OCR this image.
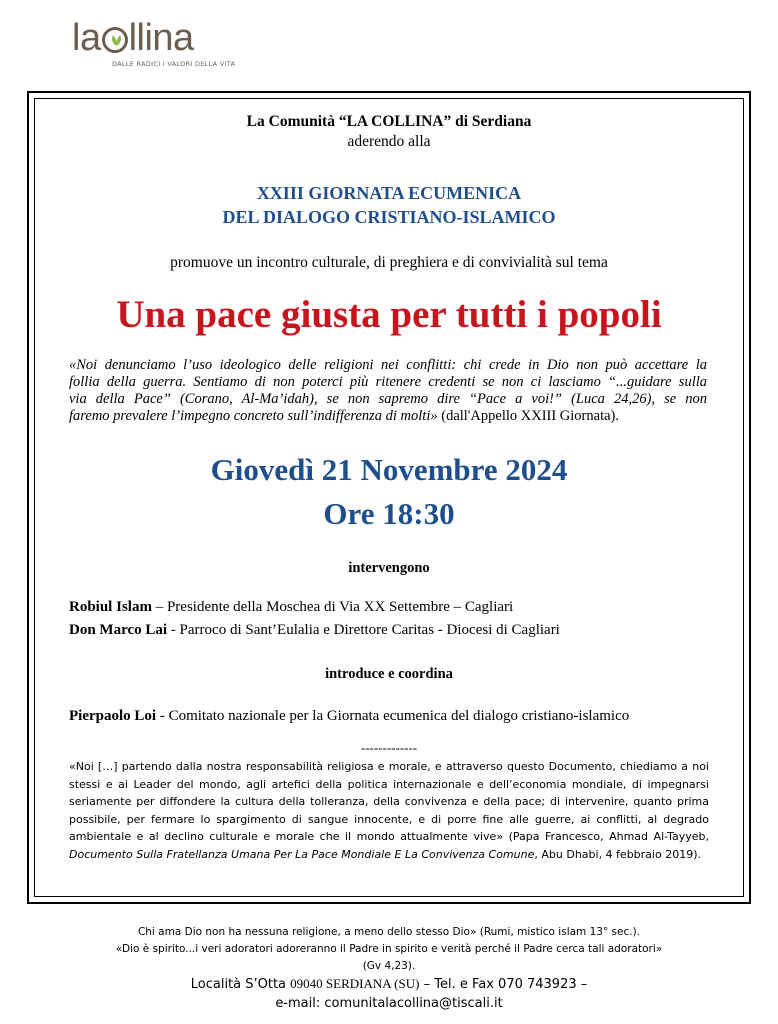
la llina
DALLE RADICI I VALORI DELLA VITA
La Comunità “LA COLLINA” di Serdiana
aderendo alla
XXIII GIORNATA ECUMENICA
DEL DIALOGO CRISTIANO-ISLAMICO
promuove un incontro culturale, di preghiera e di convivialità sul tema
Una pace giusta per tutti i popoli
«Noi denunciamo l’uso ideologico delle religioni nei conflitti: chi crede in Dio non può accettare la
follia della guerra. Sentiamo di non poterci più ritenere credenti se non ci lasciamo “...guidare sulla
via della Pace” (Corano, Al-Ma’idah), se non sapremo dire “Pace a voi!” (Luca 24,26), se non
faremo prevalere l’impegno concreto sull’indifferenza di molti» (dall'Appello XXIII Giornata).
Giovedì 21 Novembre 2024
Ore 18:30
intervengono
Robiul Islam – Presidente della Moschea di Via XX Settembre – Cagliari
Don Marco Lai - Parroco di Sant’Eulalia e Direttore Caritas - Diocesi di Cagliari
introduce e coordina
Pierpaolo Loi - Comitato nazionale per la Giornata ecumenica del dialogo cristiano-islamico
-------------
«Noi […] partendo dalla nostra responsabilità religiosa e morale, e attraverso questo Documento, chiediamo a noi
stessi e ai Leader del mondo, agli artefici della politica internazionale e dell’economia mondiale, di impegnarsi
seriamente per diffondere la cultura della tolleranza, della convivenza e della pace; di intervenire, quanto prima
possibile, per fermare lo spargimento di sangue innocente, e di porre fine alle guerre, ai conflitti, al degrado
ambientale e al declino culturale e morale che il mondo attualmente vive» (Papa Francesco, Ahmad Al-Tayyeb,
Documento Sulla Fratellanza Umana Per La Pace Mondiale E La Convivenza Comune, Abu Dhabi, 4 febbraio 2019).
Chi ama Dio non ha nessuna religione, a meno dello stesso Dio» (Rumi, mistico islam 13° sec.).
«Dio è spirito...i veri adoratori adoreranno il Padre in spirito e verità perché il Padre cerca tali adoratori»
(Gv 4,23).
Località S’Otta 09040 SERDIANA (SU) – Tel. e Fax 070 743923 –
e-mail: comunitalacollina@tiscali.it
